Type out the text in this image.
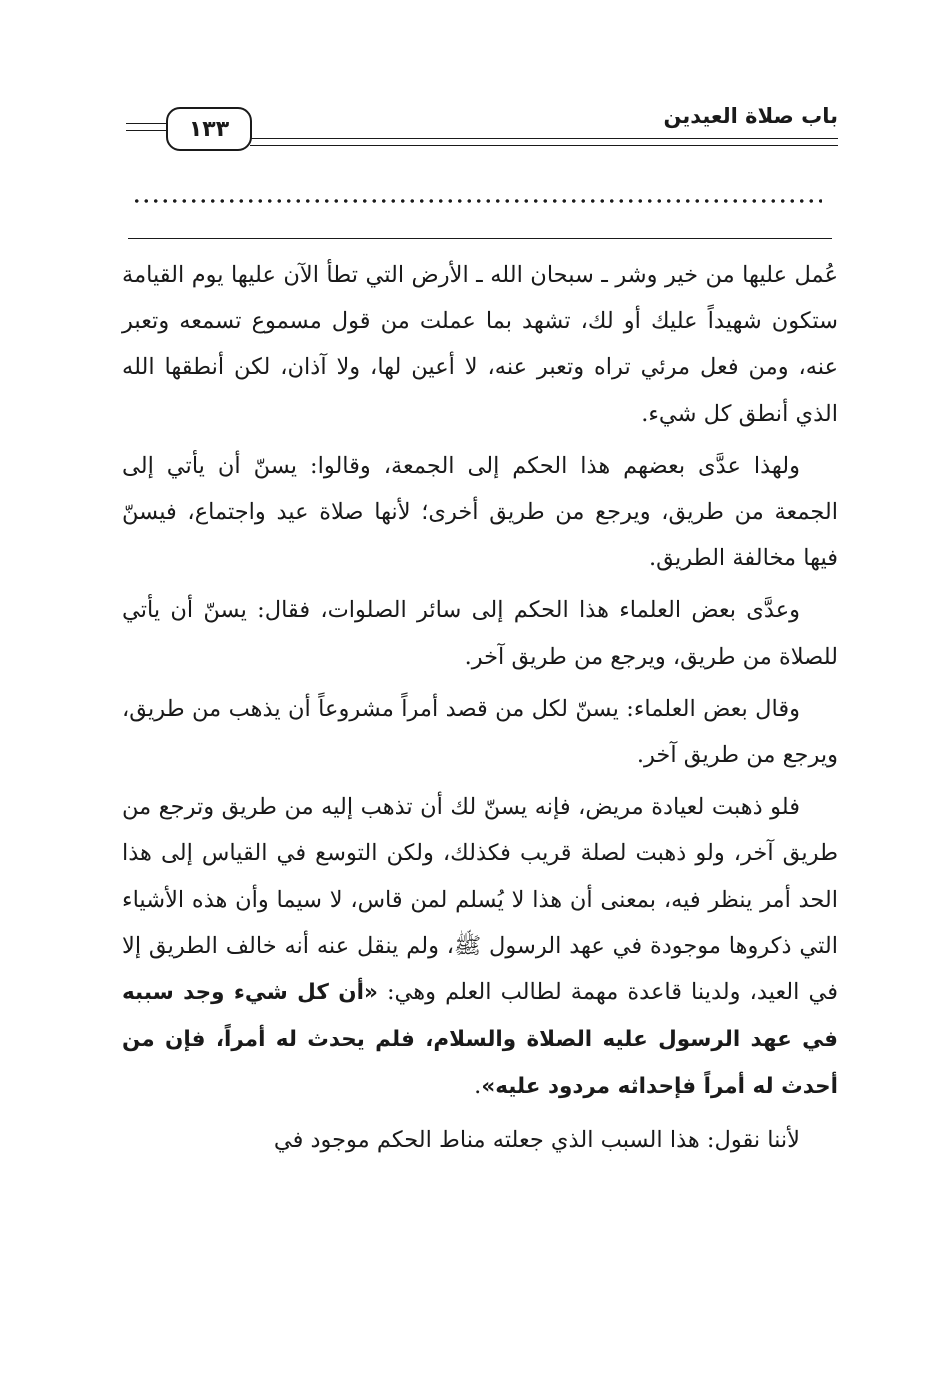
١٣٣
باب صلاة العيدين

عُمل عليها من خير وشر ـ سبحان الله ـ الأرض التي تطأ الآن عليها يوم القيامة ستكون شهيداً عليك أو لك، تشهد بما عملت من قول مسموع تسمعه وتعبر عنه، ومن فعل مرئي تراه وتعبر عنه، لا أعين لها، ولا آذان، لكن أنطقها الله الذي أنطق كل شيء.

ولهذا عدَّى بعضهم هذا الحكم إلى الجمعة، وقالوا: يسنّ أن يأتي إلى الجمعة من طريق، ويرجع من طريق أخرى؛ لأنها صلاة عيد واجتماع، فيسنّ فيها مخالفة الطريق.

وعدَّى بعض العلماء هذا الحكم إلى سائر الصلوات، فقال: يسنّ أن يأتي للصلاة من طريق، ويرجع من طريق آخر.

وقال بعض العلماء: يسنّ لكل من قصد أمراً مشروعاً أن يذهب من طريق، ويرجع من طريق آخر.

فلو ذهبت لعيادة مريض، فإنه يسنّ لك أن تذهب إليه من طريق وترجع من طريق آخر، ولو ذهبت لصلة قريب فكذلك، ولكن التوسع في القياس إلى هذا الحد أمر ينظر فيه، بمعنى أن هذا لا يُسلم لمن قاس، لا سيما وأن هذه الأشياء التي ذكروها موجودة في عهد الرسول ﷺ، ولم ينقل عنه أنه خالف الطريق إلا في العيد، ولدينا قاعدة مهمة لطالب العلم وهي: «أن كل شيء وجد سببه في عهد الرسول عليه الصلاة والسلام، فلم يحدث له أمراً، فإن من أحدث له أمراً فإحداثه مردود عليه».

لأننا نقول: هذا السبب الذي جعلته مناط الحكم موجود في
